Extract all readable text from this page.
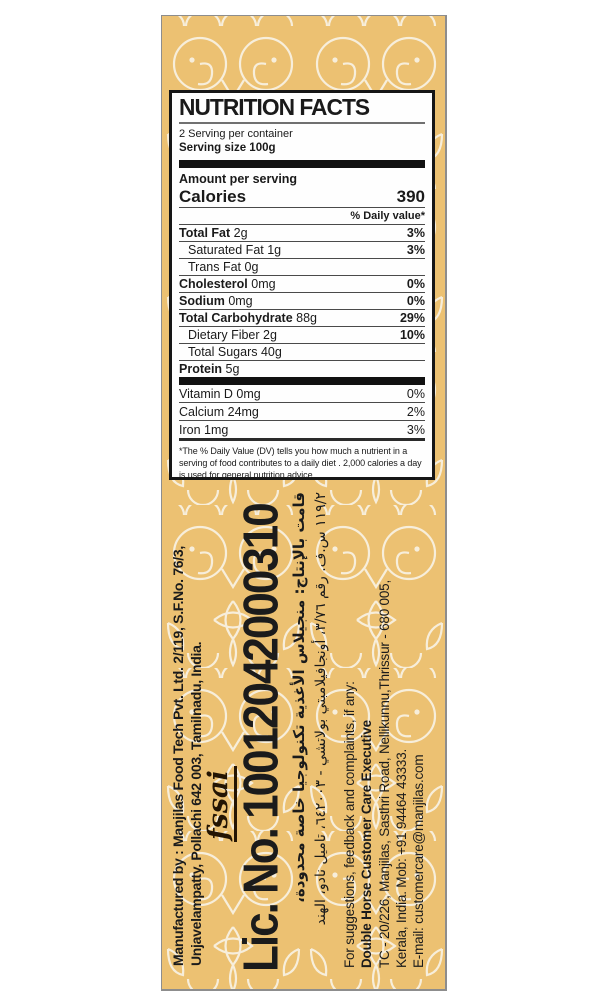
NUTRITION FACTS
2 Serving per container
Serving size 100g
Amount per serving
Calories	390
% Daily value*
Total Fat 2g	3%
Saturated Fat 1g	3%
Trans Fat 0g
Cholesterol 0mg	0%
Sodium 0mg	0%
Total Carbohydrate 88g	29%
Dietary Fiber 2g	10%
Total Sugars 40g
Protein 5g
Vitamin D 0mg	0%
Calcium 24mg	2%
Iron 1mg	3%
*The % Daily Value (DV) tells you how much a nutrient in a serving of food contributes to a daily diet . 2,000 calories a day is used for general nutrition advice.
Manufactured by : Manjilas Food Tech Pvt. Ltd. 2/119, S.F.No. 76/3, Unjavelampatty, Pollachi 642 003, Tamilnadu, India. fssai Lic. No. 10012042000310 قامت بالإنتاج: منجيلاس الأغذية تكنولوجيا خاصة محدودة، ١١٩/٢ س.ف. رقم ٣/٧٦، أونجافيلامبتي بولاتشي - ٦٤٢٠٠٣، تاميل نادو، الهند
For suggestions, feedback and complaints, if any: Double Horse Customer Care Executive TC - 20/226, Manjilas, Sasthri Road, Nellikunnu,Thrissur - 680 005, Kerala, India. Mob: +91 94464 43333. E-mail: customercare@manjilas.com
